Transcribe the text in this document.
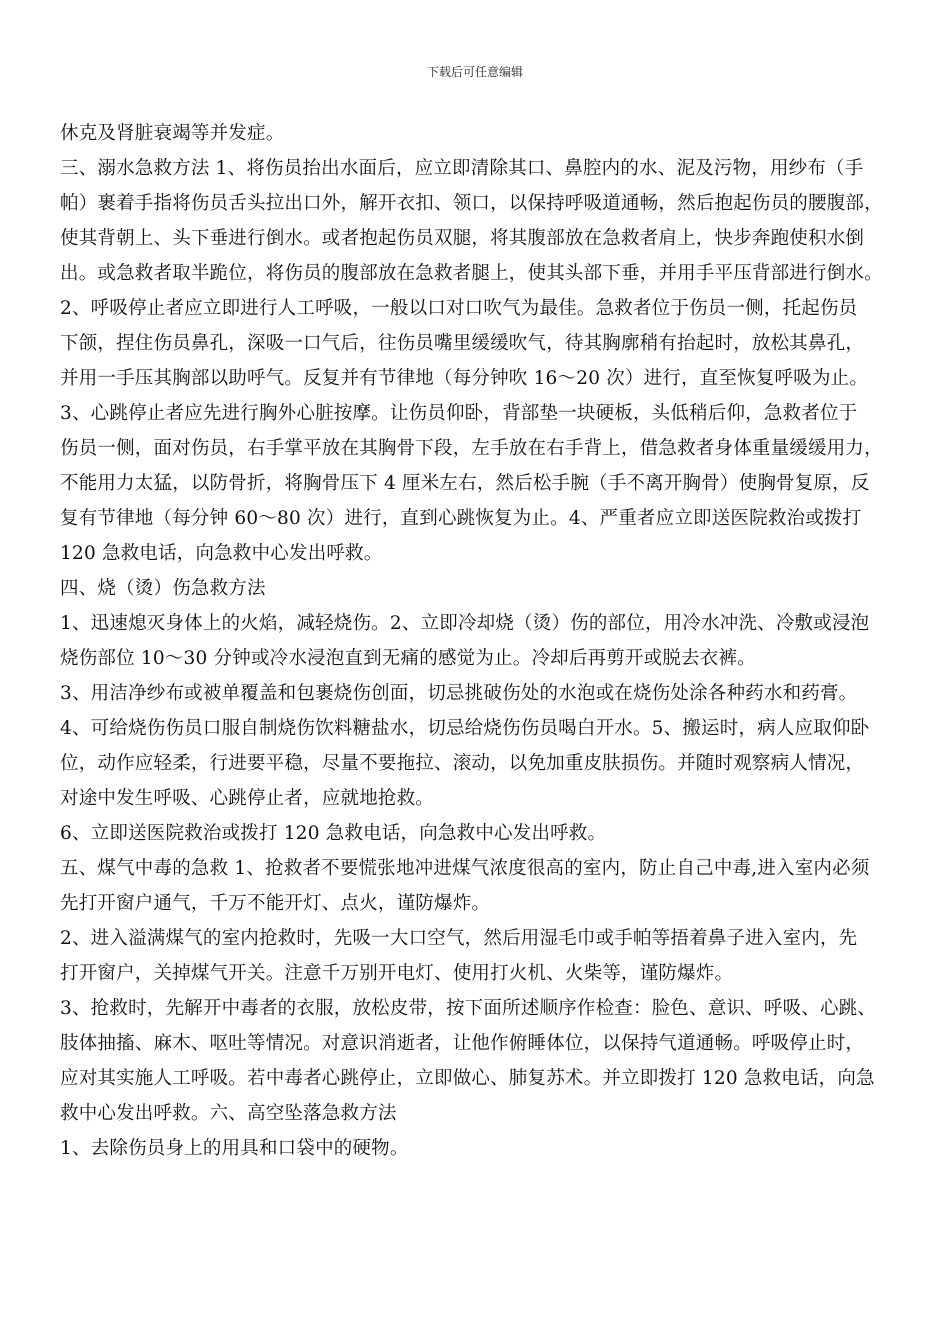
下载后可任意编辑
休克及肾脏衰竭等并发症。
三、溺水急救方法 1、将伤员抬出水面后，应立即清除其口、鼻腔内的水、泥及污物，用纱布（手
帕）裹着手指将伤员舌头拉出口外，解开衣扣、领口，以保持呼吸道通畅，然后抱起伤员的腰腹部，
使其背朝上、头下垂进行倒水。或者抱起伤员双腿，将其腹部放在急救者肩上，快步奔跑使积水倒
出。或急救者取半跪位，将伤员的腹部放在急救者腿上，使其头部下垂，并用手平压背部进行倒水。
2、呼吸停止者应立即进行人工呼吸，一般以口对口吹气为最佳。急救者位于伤员一侧，托起伤员
下颌，捏住伤员鼻孔，深吸一口气后，往伤员嘴里缓缓吹气，待其胸廓稍有抬起时，放松其鼻孔，
并用一手压其胸部以助呼气。反复并有节律地（每分钟吹 16～20 次）进行，直至恢复呼吸为止。
3、心跳停止者应先进行胸外心脏按摩。让伤员仰卧，背部垫一块硬板，头低稍后仰，急救者位于
伤员一侧，面对伤员，右手掌平放在其胸骨下段，左手放在右手背上，借急救者身体重量缓缓用力，
不能用力太猛，以防骨折，将胸骨压下 4 厘米左右，然后松手腕（手不离开胸骨）使胸骨复原，反
复有节律地（每分钟 60～80 次）进行，直到心跳恢复为止。4、严重者应立即送医院救治或拨打
120 急救电话，向急救中心发出呼救。
四、烧（烫）伤急救方法
1、迅速熄灭身体上的火焰，减轻烧伤。2、立即冷却烧（烫）伤的部位，用冷水冲洗、冷敷或浸泡
烧伤部位 10～30 分钟或冷水浸泡直到无痛的感觉为止。冷却后再剪开或脱去衣裤。
3、用洁净纱布或被单覆盖和包裹烧伤创面，切忌挑破伤处的水泡或在烧伤处涂各种药水和药膏。
4、可给烧伤伤员口服自制烧伤饮料糖盐水，切忌给烧伤伤员喝白开水。5、搬运时，病人应取仰卧
位，动作应轻柔，行进要平稳，尽量不要拖拉、滚动，以免加重皮肤损伤。并随时观察病人情况，
对途中发生呼吸、心跳停止者，应就地抢救。
6、立即送医院救治或拨打 120 急救电话，向急救中心发出呼救。
五、煤气中毒的急救 1、抢救者不要慌张地冲进煤气浓度很高的室内，防止自己中毒,进入室内必须
先打开窗户通气，千万不能开灯、点火，谨防爆炸。
2、进入溢满煤气的室内抢救时，先吸一大口空气，然后用湿毛巾或手帕等捂着鼻子进入室内，先
打开窗户，关掉煤气开关。注意千万别开电灯、使用打火机、火柴等，谨防爆炸。
3、抢救时，先解开中毒者的衣服，放松皮带，按下面所述顺序作检查：脸色、意识、呼吸、心跳、
肢体抽搐、麻木、呕吐等情况。对意识消逝者，让他作俯睡体位，以保持气道通畅。呼吸停止时，
应对其实施人工呼吸。若中毒者心跳停止，立即做心、肺复苏术。并立即拨打 120 急救电话，向急
救中心发出呼救。六、高空坠落急救方法
1、去除伤员身上的用具和口袋中的硬物。
